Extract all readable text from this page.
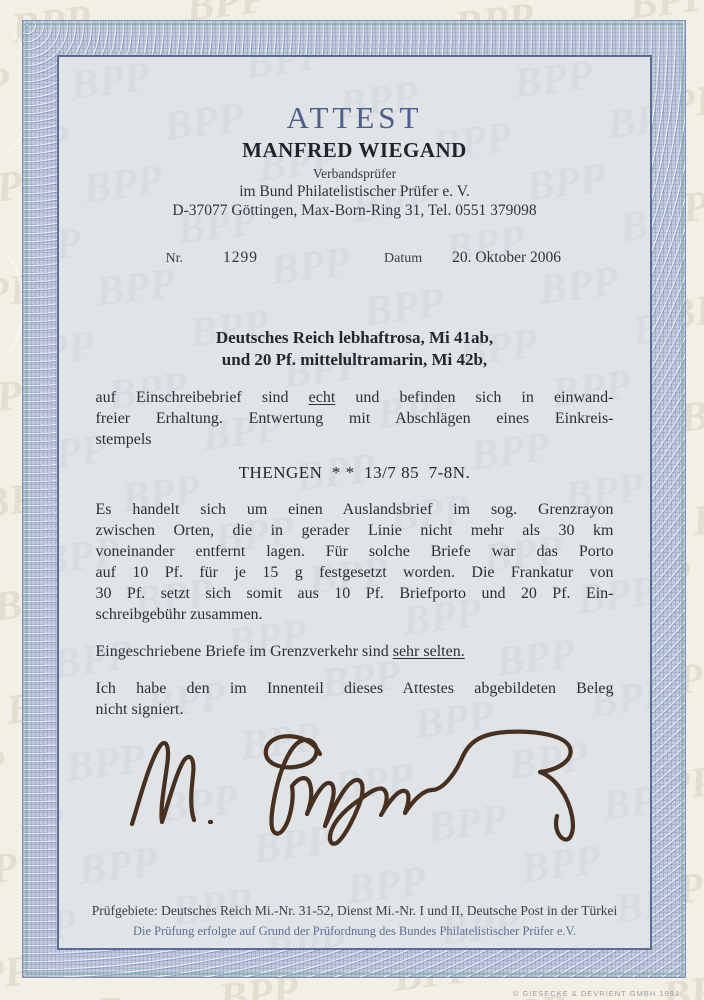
ATTEST
MANFRED WIEGAND
Verbandsprüfer
im Bund Philatelistischer Prüfer e. V.
D-37077 Göttingen, Max-Born-Ring 31, Tel. 0551 379098
Nr.	1299	Datum 20. Oktober 2006
Deutsches Reich lebhaftrosa, Mi 41ab,
und 20 Pf. mittelultramarin, Mi 42b,
auf Einschreibebrief sind echt und befinden sich in einwand-
freier Erhaltung. Entwertung mit Abschlägen eines Einkreis-
stempels
THENGEN  * *  13/7 85  7-8N.
Es handelt sich um einen Auslandsbrief im sog. Grenzrayon
zwischen Orten, die in gerader Linie nicht mehr als 30 km
voneinander entfernt lagen. Für solche Briefe war das Porto
auf 10 Pf. für je 15 g festgesetzt worden. Die Frankatur von
30 Pf. setzt sich somit aus 10 Pf. Briefporto und 20 Pf. Ein-
schreibgebühr zusammen.
Eingeschriebene Briefe im Grenzverkehr sind sehr selten.
Ich habe den im Innenteil dieses Attestes abgebildeten Beleg
nicht signiert.
Prüfgebiete: Deutsches Reich Mi.-Nr. 31-52, Dienst Mi.-Nr. I und II, Deutsche Post in der Türkei
Die Prüfung erfolgte auf Grund der Prüfordnung des Bundes Philatelistischer Prüfer e.V.
© GIESECKE & DEVRIENT GMBH 1991
